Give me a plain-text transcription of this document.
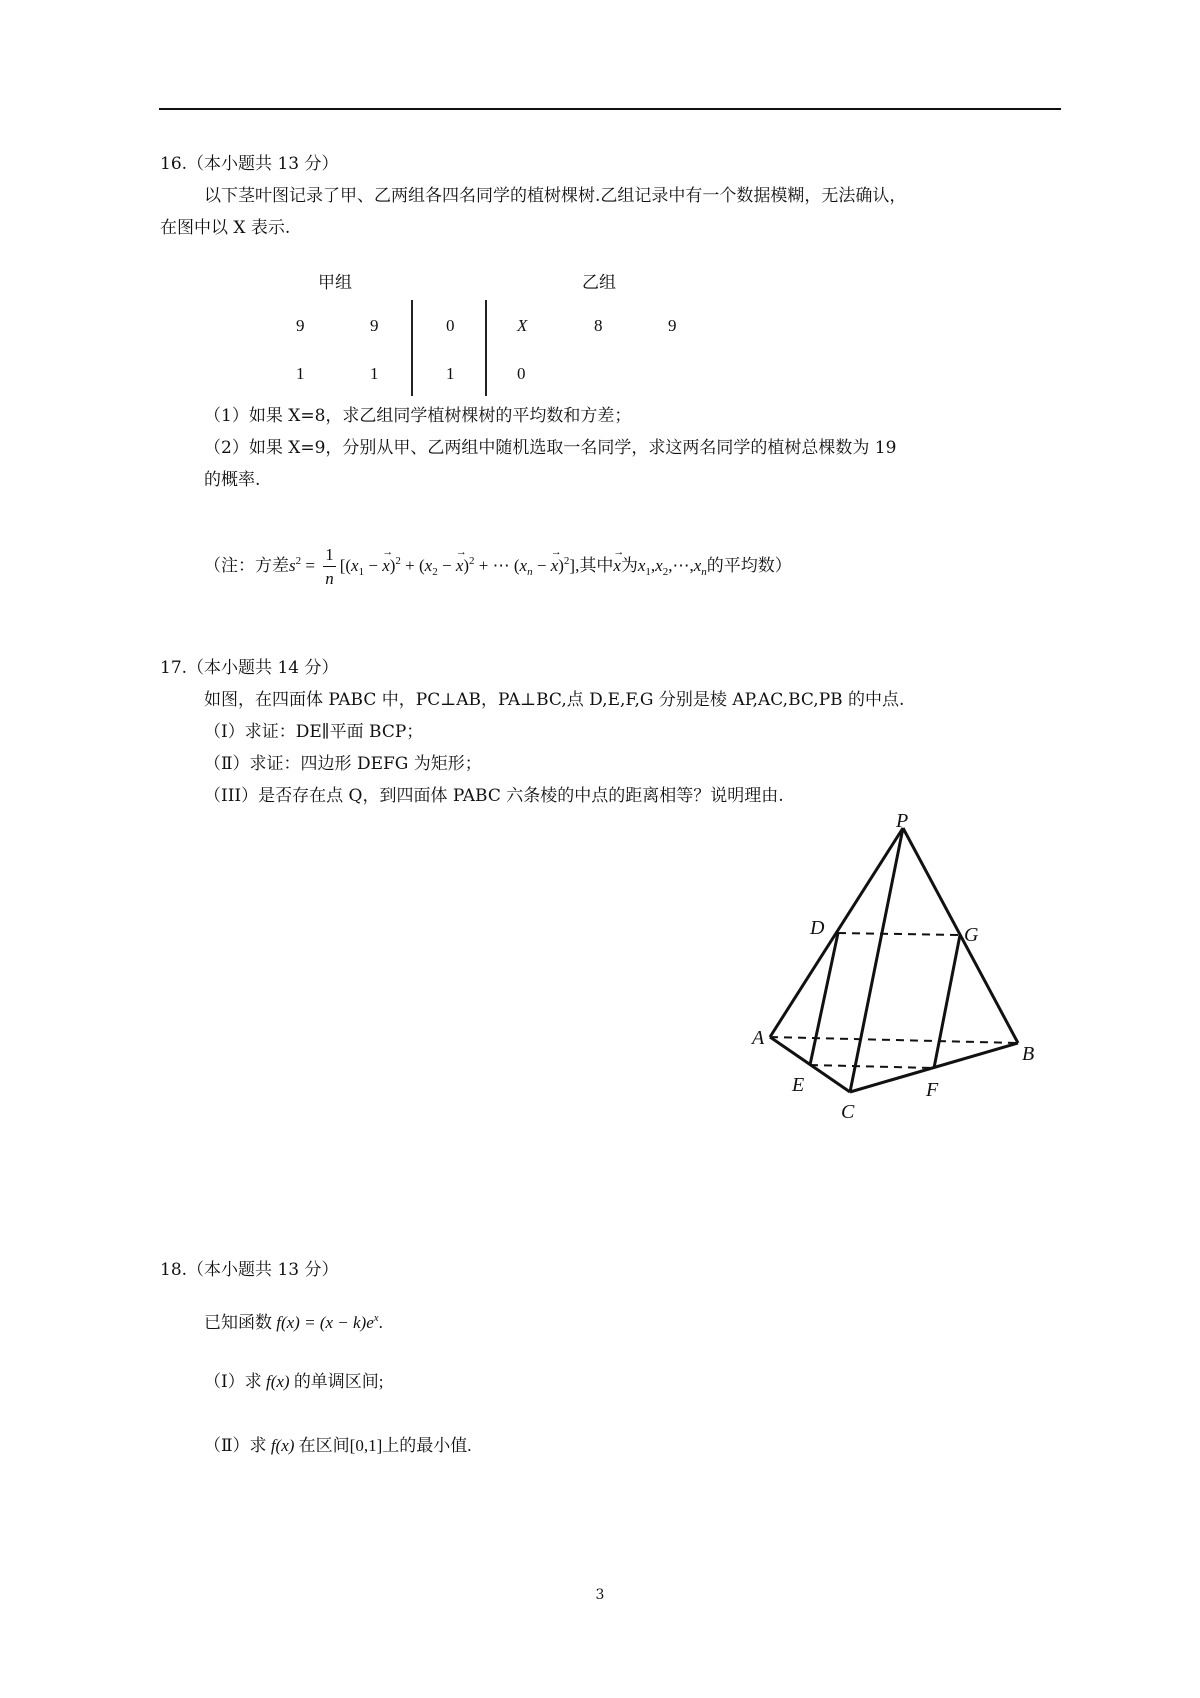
16.（本小题共 13 分）
以下茎叶图记录了甲、乙两组各四名同学的植树棵树.乙组记录中有一个数据模糊，无法确认，
在图中以 X 表示.
甲组	乙组
9	9	0	X	8	9
1	1	1	0
（1）如果 X=8，求乙组同学植树棵树的平均数和方差；
（2）如果 X=9，分别从甲、乙两组中随机选取一名同学，求这两名同学的植树总棵数为 19
的概率.
（注：方差$s^2 = \frac{1}{n} [(x_1$ − → $x)^2 + (x_2$ − → x)$^2$ + ⋯ ($x_n$ − → x)$^2$],其中→ x为$x_1,x_2,\cdots,x_n$的平均数）
17.（本小题共 14 分）
如图，在四面体 PABC 中，PC⊥AB，PA⊥BC,点 D,E,F,G 分别是棱 AP,AC,BC,PB 的中点.
（Ⅰ）求证：DE∥平面 BCP；
（Ⅱ）求证：四边形 DEFG 为矩形；
（III）是否存在点 Q，到四面体 PABC 六条棱的中点的距离相等？说明理由.
P
A
B
C
D
E	F
G
18.（本小题共 13 分）
已知函数 $f(x) = (x - k)e^x$.
（Ⅰ）求 f(x) 的单调区间;
（Ⅱ）求 f(x) 在区间[0,1]上的最小值.
3
